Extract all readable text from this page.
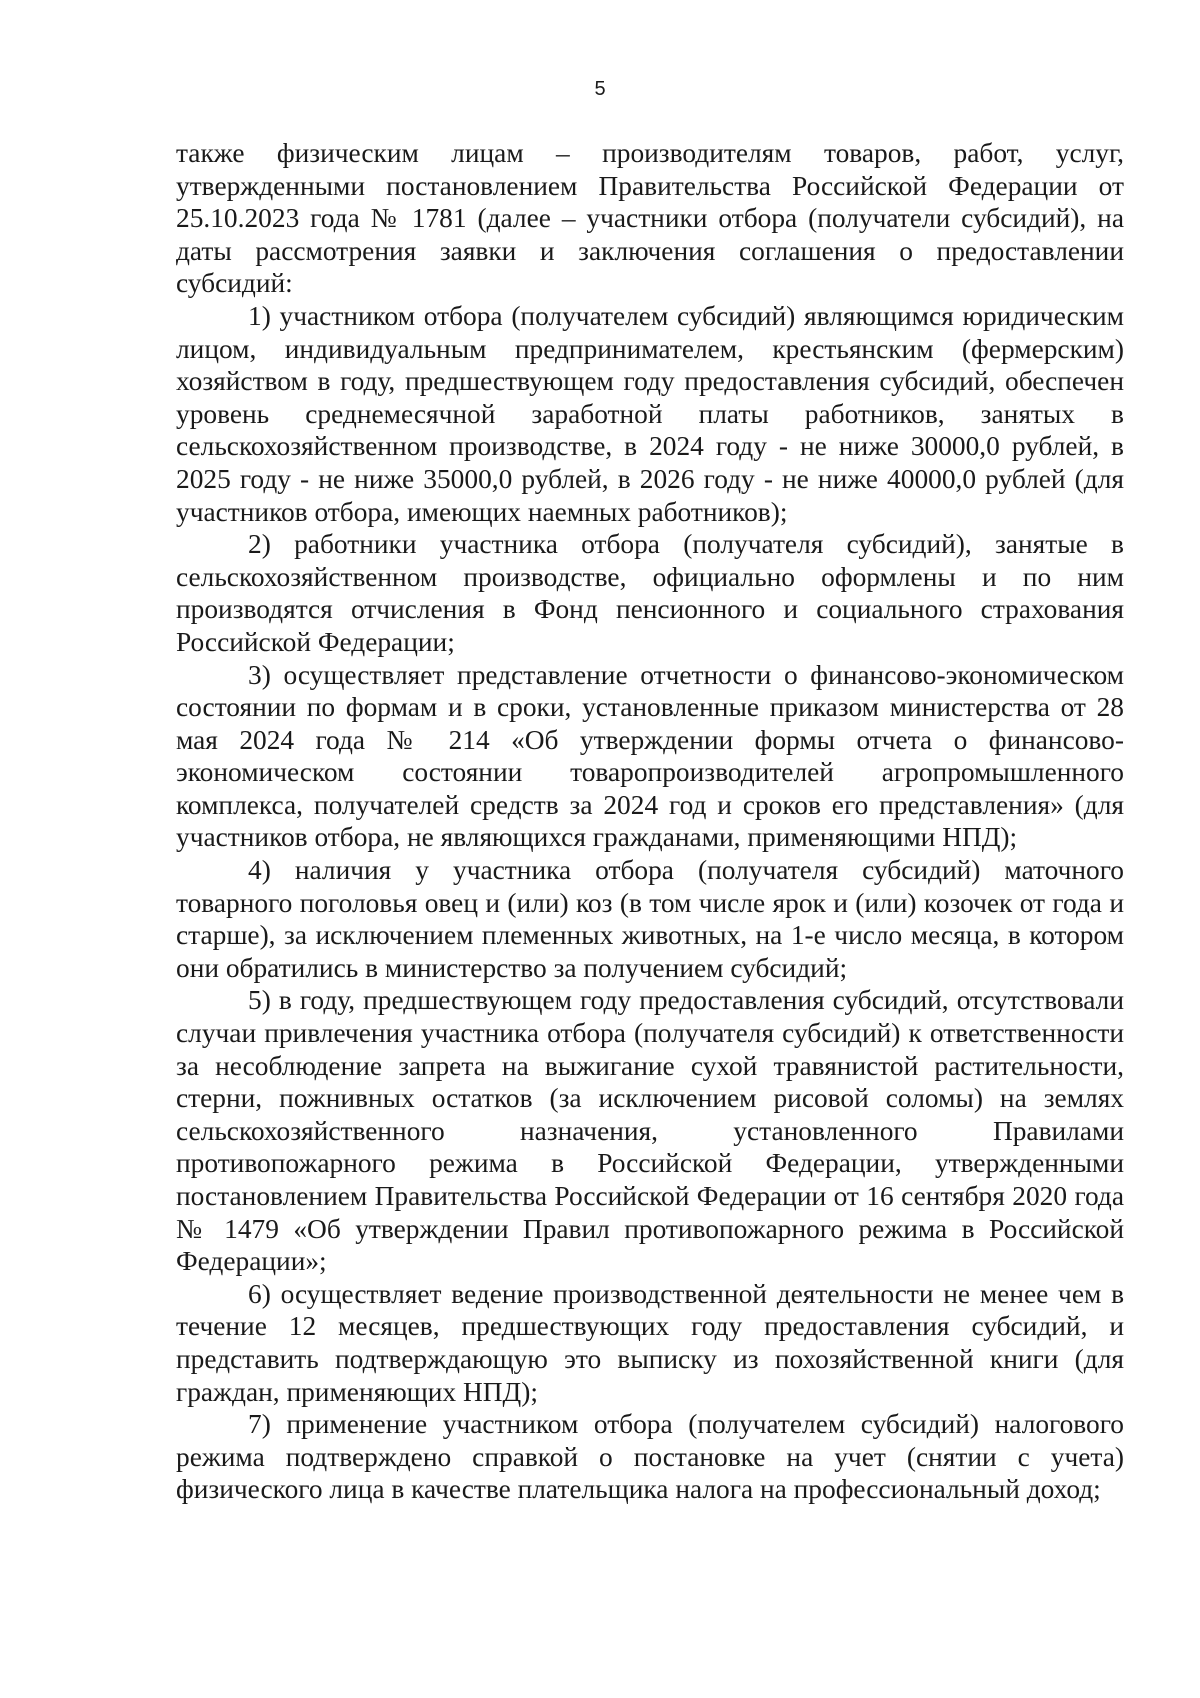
5

также физическим лицам – производителям товаров, работ, услуг, утвержденными постановлением Правительства Российской Федерации от 25.10.2023 года № 1781 (далее – участники отбора (получатели субсидий), на даты рассмотрения заявки и заключения соглашения о предоставлении субсидий:

1) участником отбора (получателем субсидий) являющимся юридическим лицом, индивидуальным предпринимателем, крестьянским (фермерским) хозяйством в году, предшествующем году предоставления субсидий, обеспечен уровень среднемесячной заработной платы работников, занятых в сельскохозяйственном производстве, в 2024 году - не ниже 30000,0 рублей, в 2025 году - не ниже 35000,0 рублей, в 2026 году - не ниже 40000,0 рублей (для участников отбора, имеющих наемных работников);

2) работники участника отбора (получателя субсидий), занятые в сельскохозяйственном производстве, официально оформлены и по ним производятся отчисления в Фонд пенсионного и социального страхования Российской Федерации;

3) осуществляет представление отчетности о финансово-экономическом состоянии по формам и в сроки, установленные приказом министерства от 28 мая 2024 года № 214 «Об утверждении формы отчета о финансово-экономическом состоянии товаропроизводителей агропромышленного комплекса, получателей средств за 2024 год и сроков его представления» (для участников отбора, не являющихся гражданами, применяющими НПД);

4) наличия у участника отбора (получателя субсидий) маточного товарного поголовья овец и (или) коз (в том числе ярок и (или) козочек от года и старше), за исключением племенных животных, на 1-е число месяца, в котором они обратились в министерство за получением субсидий;

5) в году, предшествующем году предоставления субсидий, отсутствовали случаи привлечения участника отбора (получателя субсидий) к ответственности за несоблюдение запрета на выжигание сухой травянистой растительности, стерни, пожнивных остатков (за исключением рисовой соломы) на землях сельскохозяйственного назначения, установленного Правилами противопожарного режима в Российской Федерации, утвержденными постановлением Правительства Российской Федерации от 16 сентября 2020 года № 1479 «Об утверждении Правил противопожарного режима в Российской Федерации»;

6) осуществляет ведение производственной деятельности не менее чем в течение 12 месяцев, предшествующих году предоставления субсидий, и представить подтверждающую это выписку из похозяйственной книги (для граждан, применяющих НПД);

7) применение участником отбора (получателем субсидий) налогового режима подтверждено справкой о постановке на учет (снятии с учета) физического лица в качестве плательщика налога на профессиональный доход;
